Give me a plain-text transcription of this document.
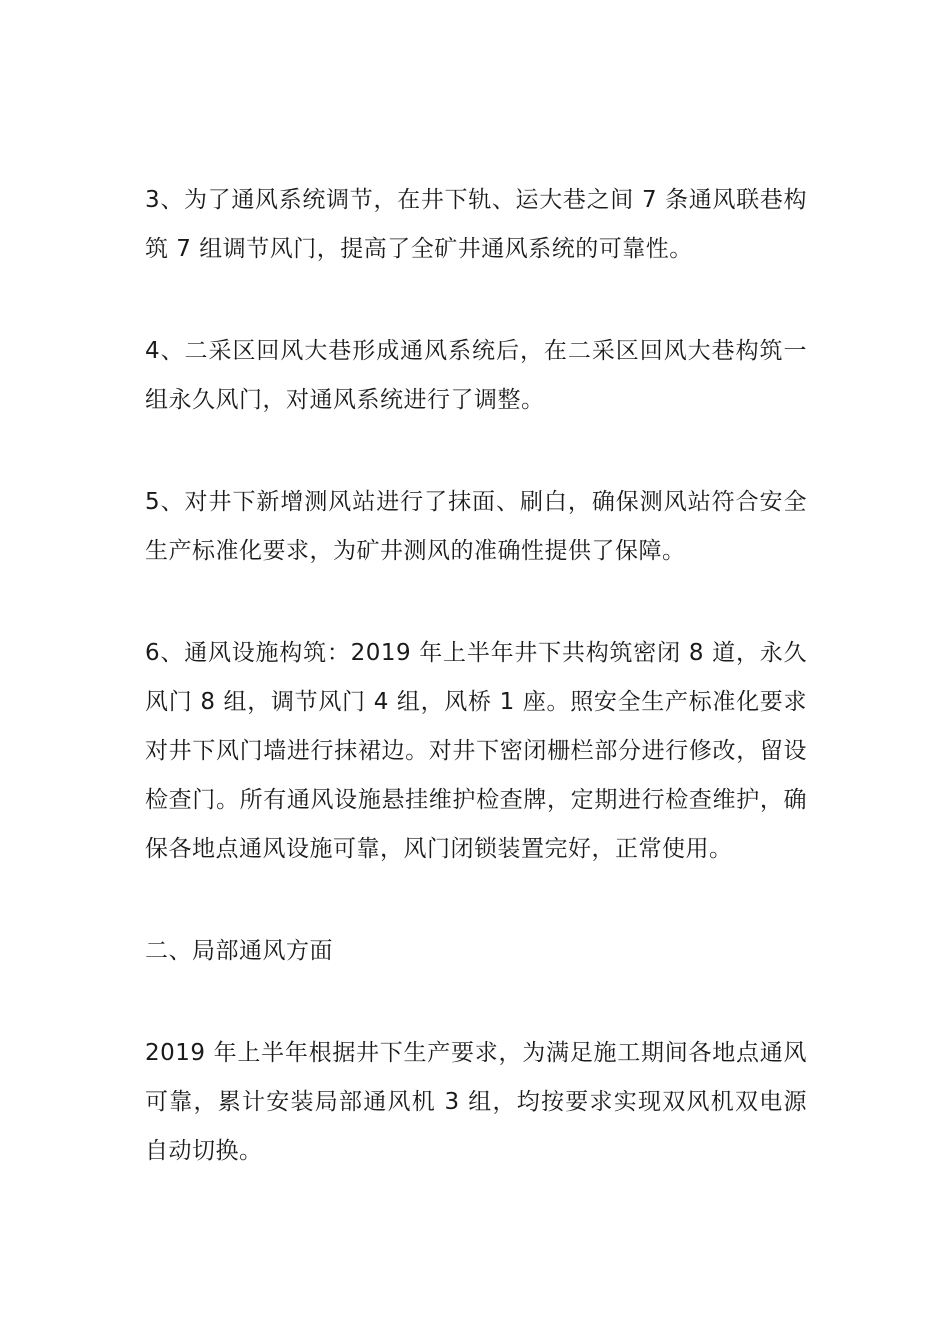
3、为了通风系统调节，在井下轨、运大巷之间 7 条通风联巷构筑 7 组调节风门，提高了全矿井通风系统的可靠性。

4、二采区回风大巷形成通风系统后，在二采区回风大巷构筑一组永久风门，对通风系统进行了调整。

5、对井下新增测风站进行了抹面、刷白，确保测风站符合安全生产标准化要求，为矿井测风的准确性提供了保障。

6、通风设施构筑：2019 年上半年井下共构筑密闭 8 道，永久风门 8 组，调节风门 4 组，风桥 1 座。照安全生产标准化要求对井下风门墙进行抹裙边。对井下密闭栅栏部分进行修改，留设检查门。所有通风设施悬挂维护检查牌，定期进行检查维护，确保各地点通风设施可靠，风门闭锁装置完好，正常使用。

二、局部通风方面

2019 年上半年根据井下生产要求，为满足施工期间各地点通风可靠，累计安装局部通风机 3 组，均按要求实现双风机双电源自动切换。
